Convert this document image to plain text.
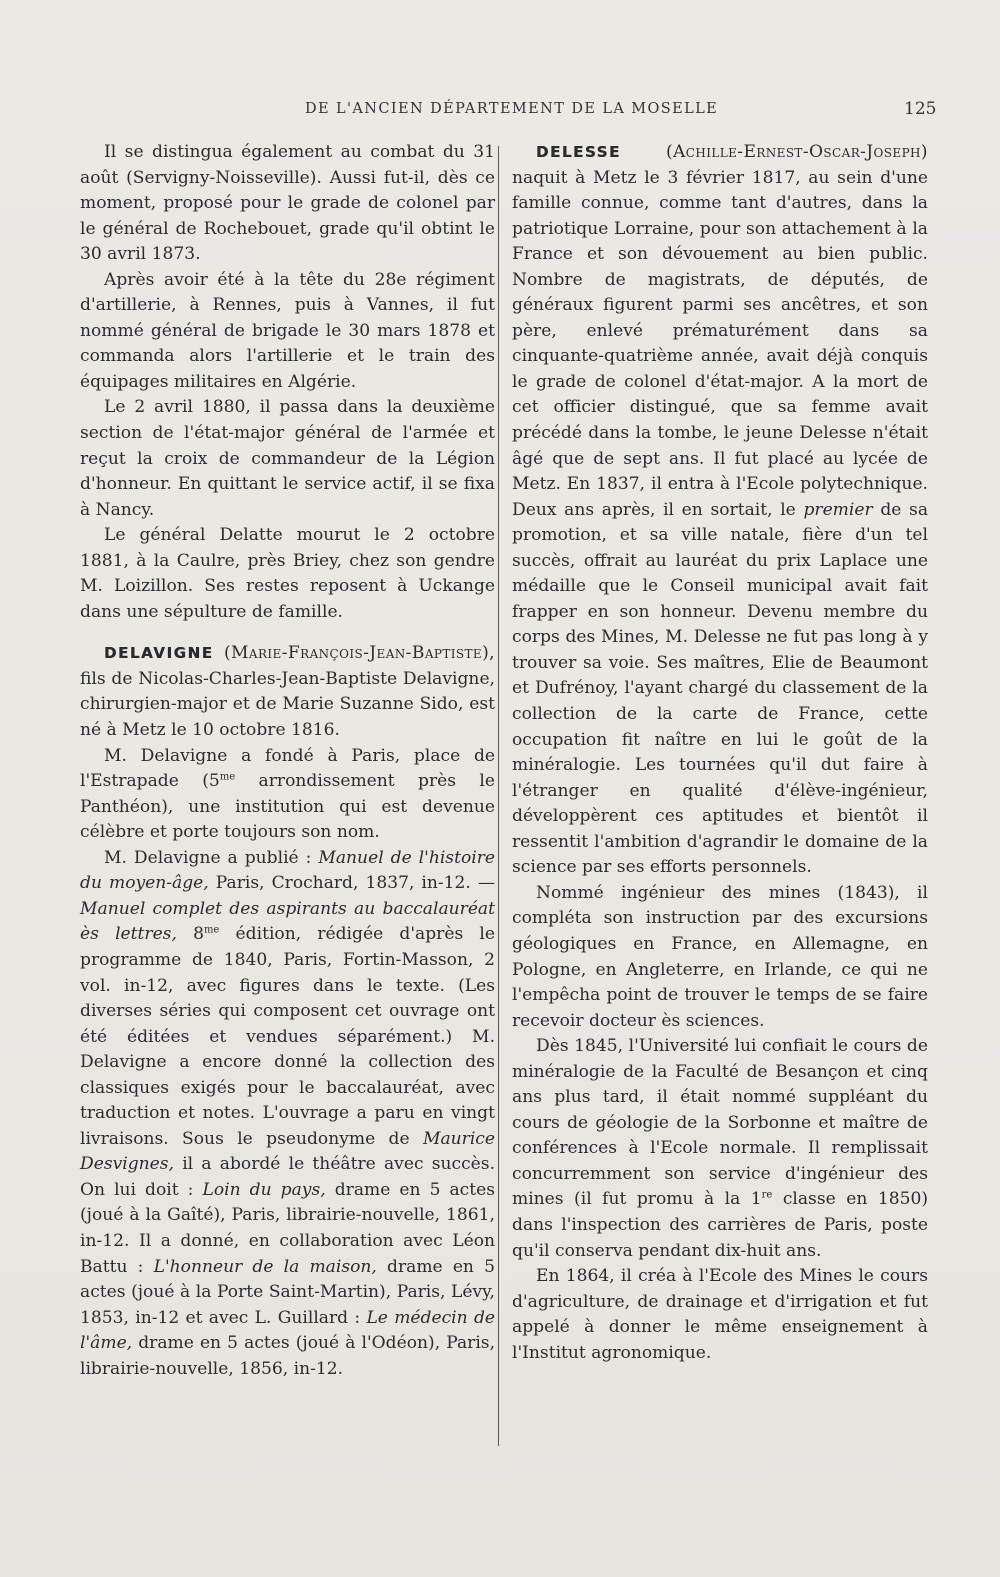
DE L'ANCIEN DÉPARTEMENT DE LA MOSELLE	125

Il se distingua également au combat du 31 août (Servigny-Noisseville). Aussi fut-il, dès ce moment, proposé pour le grade de colonel par le général de Rochebouet, grade qu'il obtint le 30 avril 1873.

Après avoir été à la tête du 28e régiment d'artillerie, à Rennes, puis à Vannes, il fut nommé général de brigade le 30 mars 1878 et commanda alors l'artillerie et le train des équipages militaires en Algérie.

Le 2 avril 1880, il passa dans la deuxième section de l'état-major général de l'armée et reçut la croix de commandeur de la Légion d'honneur. En quittant le service actif, il se fixa à Nancy.

Le général Delatte mourut le 2 octobre 1881, à la Caulre, près Briey, chez son gendre M. Loizillon. Ses restes reposent à Uckange dans une sépulture de famille.

DELAVIGNE (Marie-François-Jean-Baptiste), fils de Nicolas-Charles-Jean-Baptiste Delavigne, chirurgien-major et de Marie Suzanne Sido, est né à Metz le 10 octobre 1816.

M. Delavigne a fondé à Paris, place de l'Estrapade ($5^{me}$ arrondissement près le Panthéon), une institution qui est devenue célèbre et porte toujours son nom.

M. Delavigne a publié : Manuel de l'histoire du moyen-âge, Paris, Crochard, 1837, in-12. — Manuel complet des aspirants au baccalauréat ès lettres, $8^{me}$ édition, rédigée d'après le programme de 1840, Paris, Fortin-Masson, 2 vol. in-12, avec figures dans le texte. (Les diverses séries qui composent cet ouvrage ont été éditées et vendues séparément.) M. Delavigne a encore donné la collection des classiques exigés pour le baccalauréat, avec traduction et notes. L'ouvrage a paru en vingt livraisons. Sous le pseudonyme de Maurice Desvignes, il a abordé le théâtre avec succès. On lui doit : Loin du pays, drame en 5 actes (joué à la Gaîté), Paris, librairie-nouvelle, 1861, in-12. Il a donné, en collaboration avec Léon Battu : L'honneur de la maison, drame en 5 actes (joué à la Porte Saint-Martin), Paris, Lévy, 1853, in-12 et avec L. Guillard : Le médecin de l'âme, drame en 5 actes (joué à l'Odéon), Paris, librairie-nouvelle, 1856, in-12.

DELESSE	(Achille-Ernest-Oscar-Joseph) naquit à Metz le 3 février 1817, au sein d'une famille connue, comme tant d'autres, dans la patriotique Lorraine, pour son attachement à la France et son dévouement au bien public. Nombre de magistrats, de députés, de généraux figurent parmi ses ancêtres, et son père, enlevé prématurément dans sa cinquante-quatrième année, avait déjà conquis le grade de colonel d'état-major. A la mort de cet officier distingué, que sa femme avait précédé dans la tombe, le jeune Delesse n'était âgé que de sept ans. Il fut placé au lycée de Metz. En 1837, il entra à l'Ecole polytechnique. Deux ans après, il en sortait, le premier de sa promotion, et sa ville natale, fière d'un tel succès, offrait au lauréat du prix Laplace une médaille que le Conseil municipal avait fait frapper en son honneur. Devenu membre du corps des Mines, M. Delesse ne fut pas long à y trouver sa voie. Ses maîtres, Elie de Beaumont et Dufrénoy, l'ayant chargé du classement de la collection de la carte de France, cette occupation fit naître en lui le goût de la minéralogie. Les tournées qu'il dut faire à l'étranger en qualité d'élève-ingénieur, développèrent ces aptitudes et bientôt il ressentit l'ambition d'agrandir le domaine de la science par ses efforts personnels.

Nommé ingénieur des mines (1843), il compléta son instruction par des excursions géologiques en France, en Allemagne, en Pologne, en Angleterre, en Irlande, ce qui ne l'empêcha point de trouver le temps de se faire recevoir docteur ès sciences.

Dès 1845, l'Université lui confiait le cours de minéralogie de la Faculté de Besançon et cinq ans plus tard, il était nommé suppléant du cours de géologie de la Sorbonne et maître de conférences à l'Ecole normale. Il remplissait concurremment son service d'ingénieur des mines (il fut promu à la 1re classe en 1850) dans l'inspection des carrières de Paris, poste qu'il conserva pendant dix-huit ans.

En 1864, il créa à l'Ecole des Mines le cours d'agriculture, de drainage et d'irrigation et fut appelé à donner le même enseignement à l'Institut agronomique.
